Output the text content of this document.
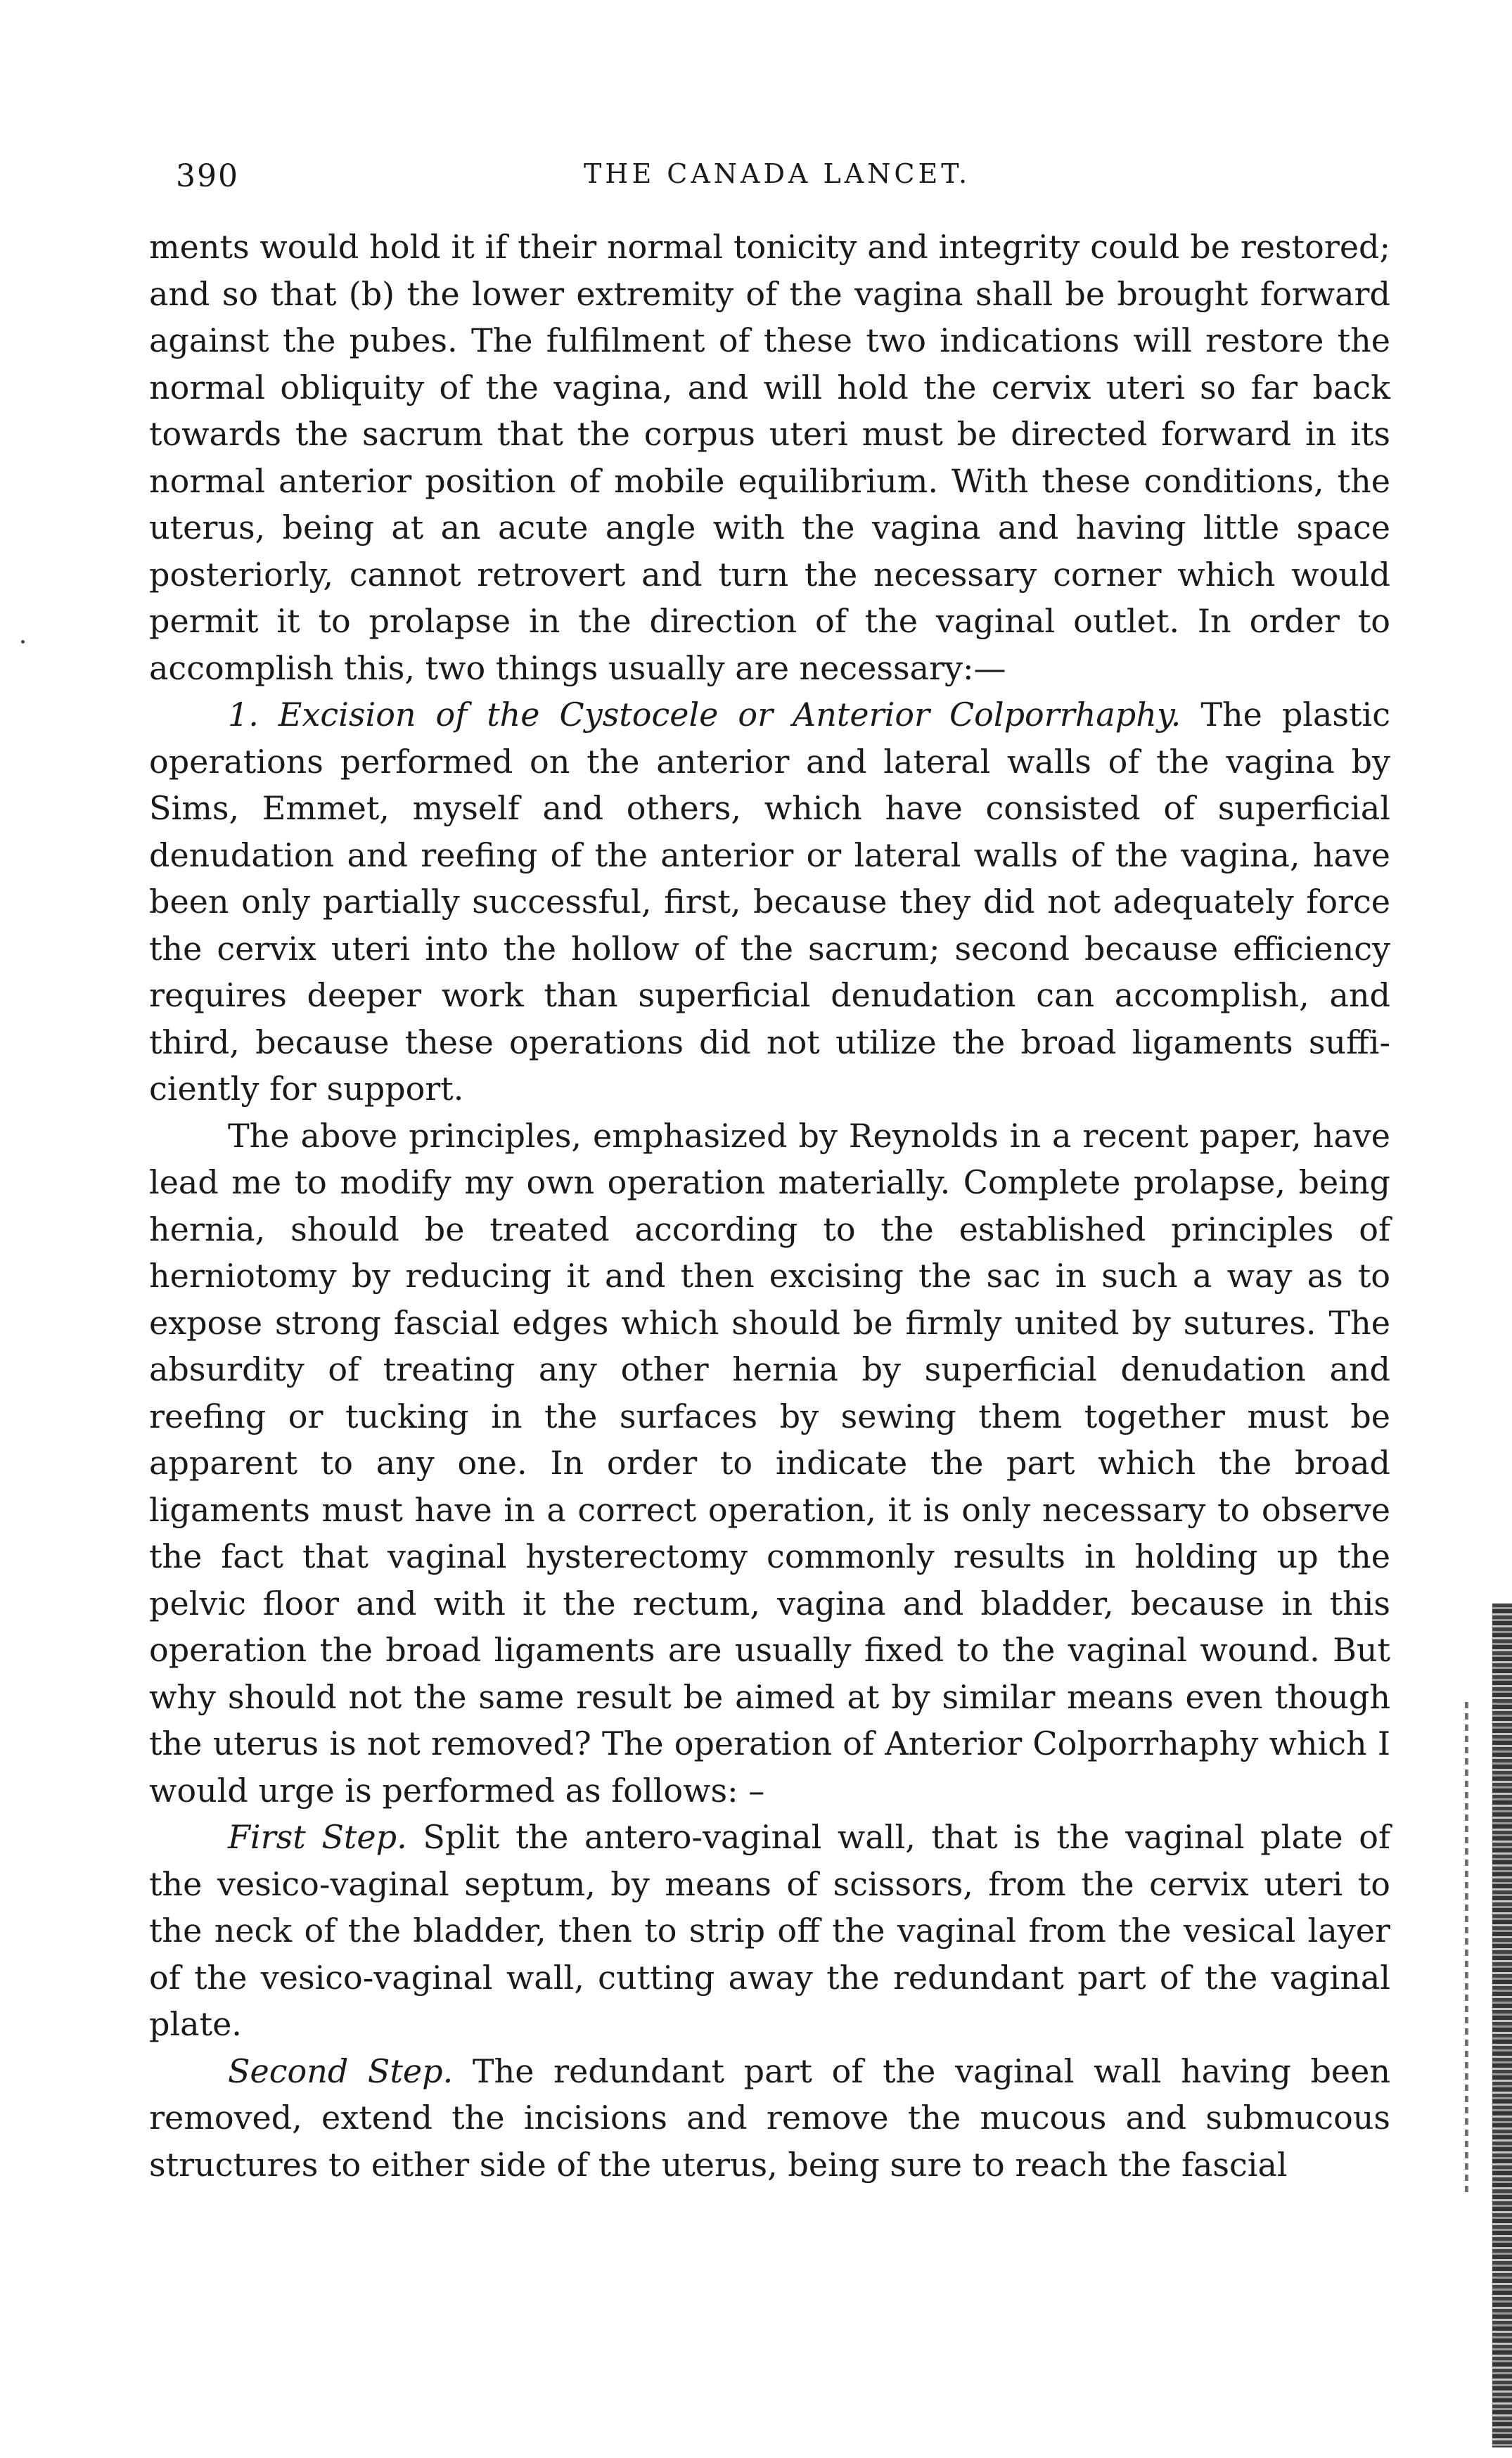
390	THE CANADA LANCET.

ments would hold it if their normal tonicity and integrity could be restored; and so that (b) the lower extremity of the vagina shall be brought forward against the pubes. The fulfilment of these two indications will restore the normal obliquity of the vagina, and will hold the cervix uteri so far back towards the sacrum that the corpus uteri must be directed forward in its normal anterior position of mobile equilibrium. With these conditions, the uterus, being at an acute angle with the vagina and having little space posteriorly, cannot retrovert and turn the necessary corner which would permit it to prolapse in the direction of the vaginal outlet. In order to accomplish this, two things usually are necessary:—

1. Excision of the Cystocele or Anterior Colporrhaphy. The plastic operations performed on the anterior and lateral walls of the vagina by Sims, Emmet, myself and others, which have consisted of superficial denudation and reefing of the anterior or lateral walls of the vagina, have been only partially successful, first, because they did not adequately force the cervix uteri into the hollow of the sacrum; second because efficiency requires deeper work than superficial denudation can accomplish, and third, because these operations did not utilize the broad ligaments sufficiently for support.

The above principles, emphasized by Reynolds in a recent paper, have lead me to modify my own operation materially. Complete prolapse, being hernia, should be treated according to the established principles of herniotomy by reducing it and then excising the sac in such a way as to expose strong fascial edges which should be firmly united by sutures. The absurdity of treating any other hernia by superficial denudation and reefing or tucking in the surfaces by sewing them together must be apparent to any one. In order to indicate the part which the broad ligaments must have in a correct operation, it is only necessary to observe the fact that vaginal hysterectomy commonly results in holding up the pelvic floor and with it the rectum, vagina and bladder, because in this operation the broad ligaments are usually fixed to the vaginal wound. But why should not the same result be aimed at by similar means even though the uterus is not removed? The operation of Anterior Colporrhaphy which I would urge is performed as follows: –

First Step. Split the antero-vaginal wall, that is the vaginal plate of the vesico-vaginal septum, by means of scissors, from the cervix uteri to the neck of the bladder, then to strip off the vaginal from the vesical layer of the vesico-vaginal wall, cutting away the redundant part of the vaginal plate.

Second Step. The redundant part of the vaginal wall having been removed, extend the incisions and remove the mucous and submucous structures to either side of the uterus, being sure to reach the fascial
